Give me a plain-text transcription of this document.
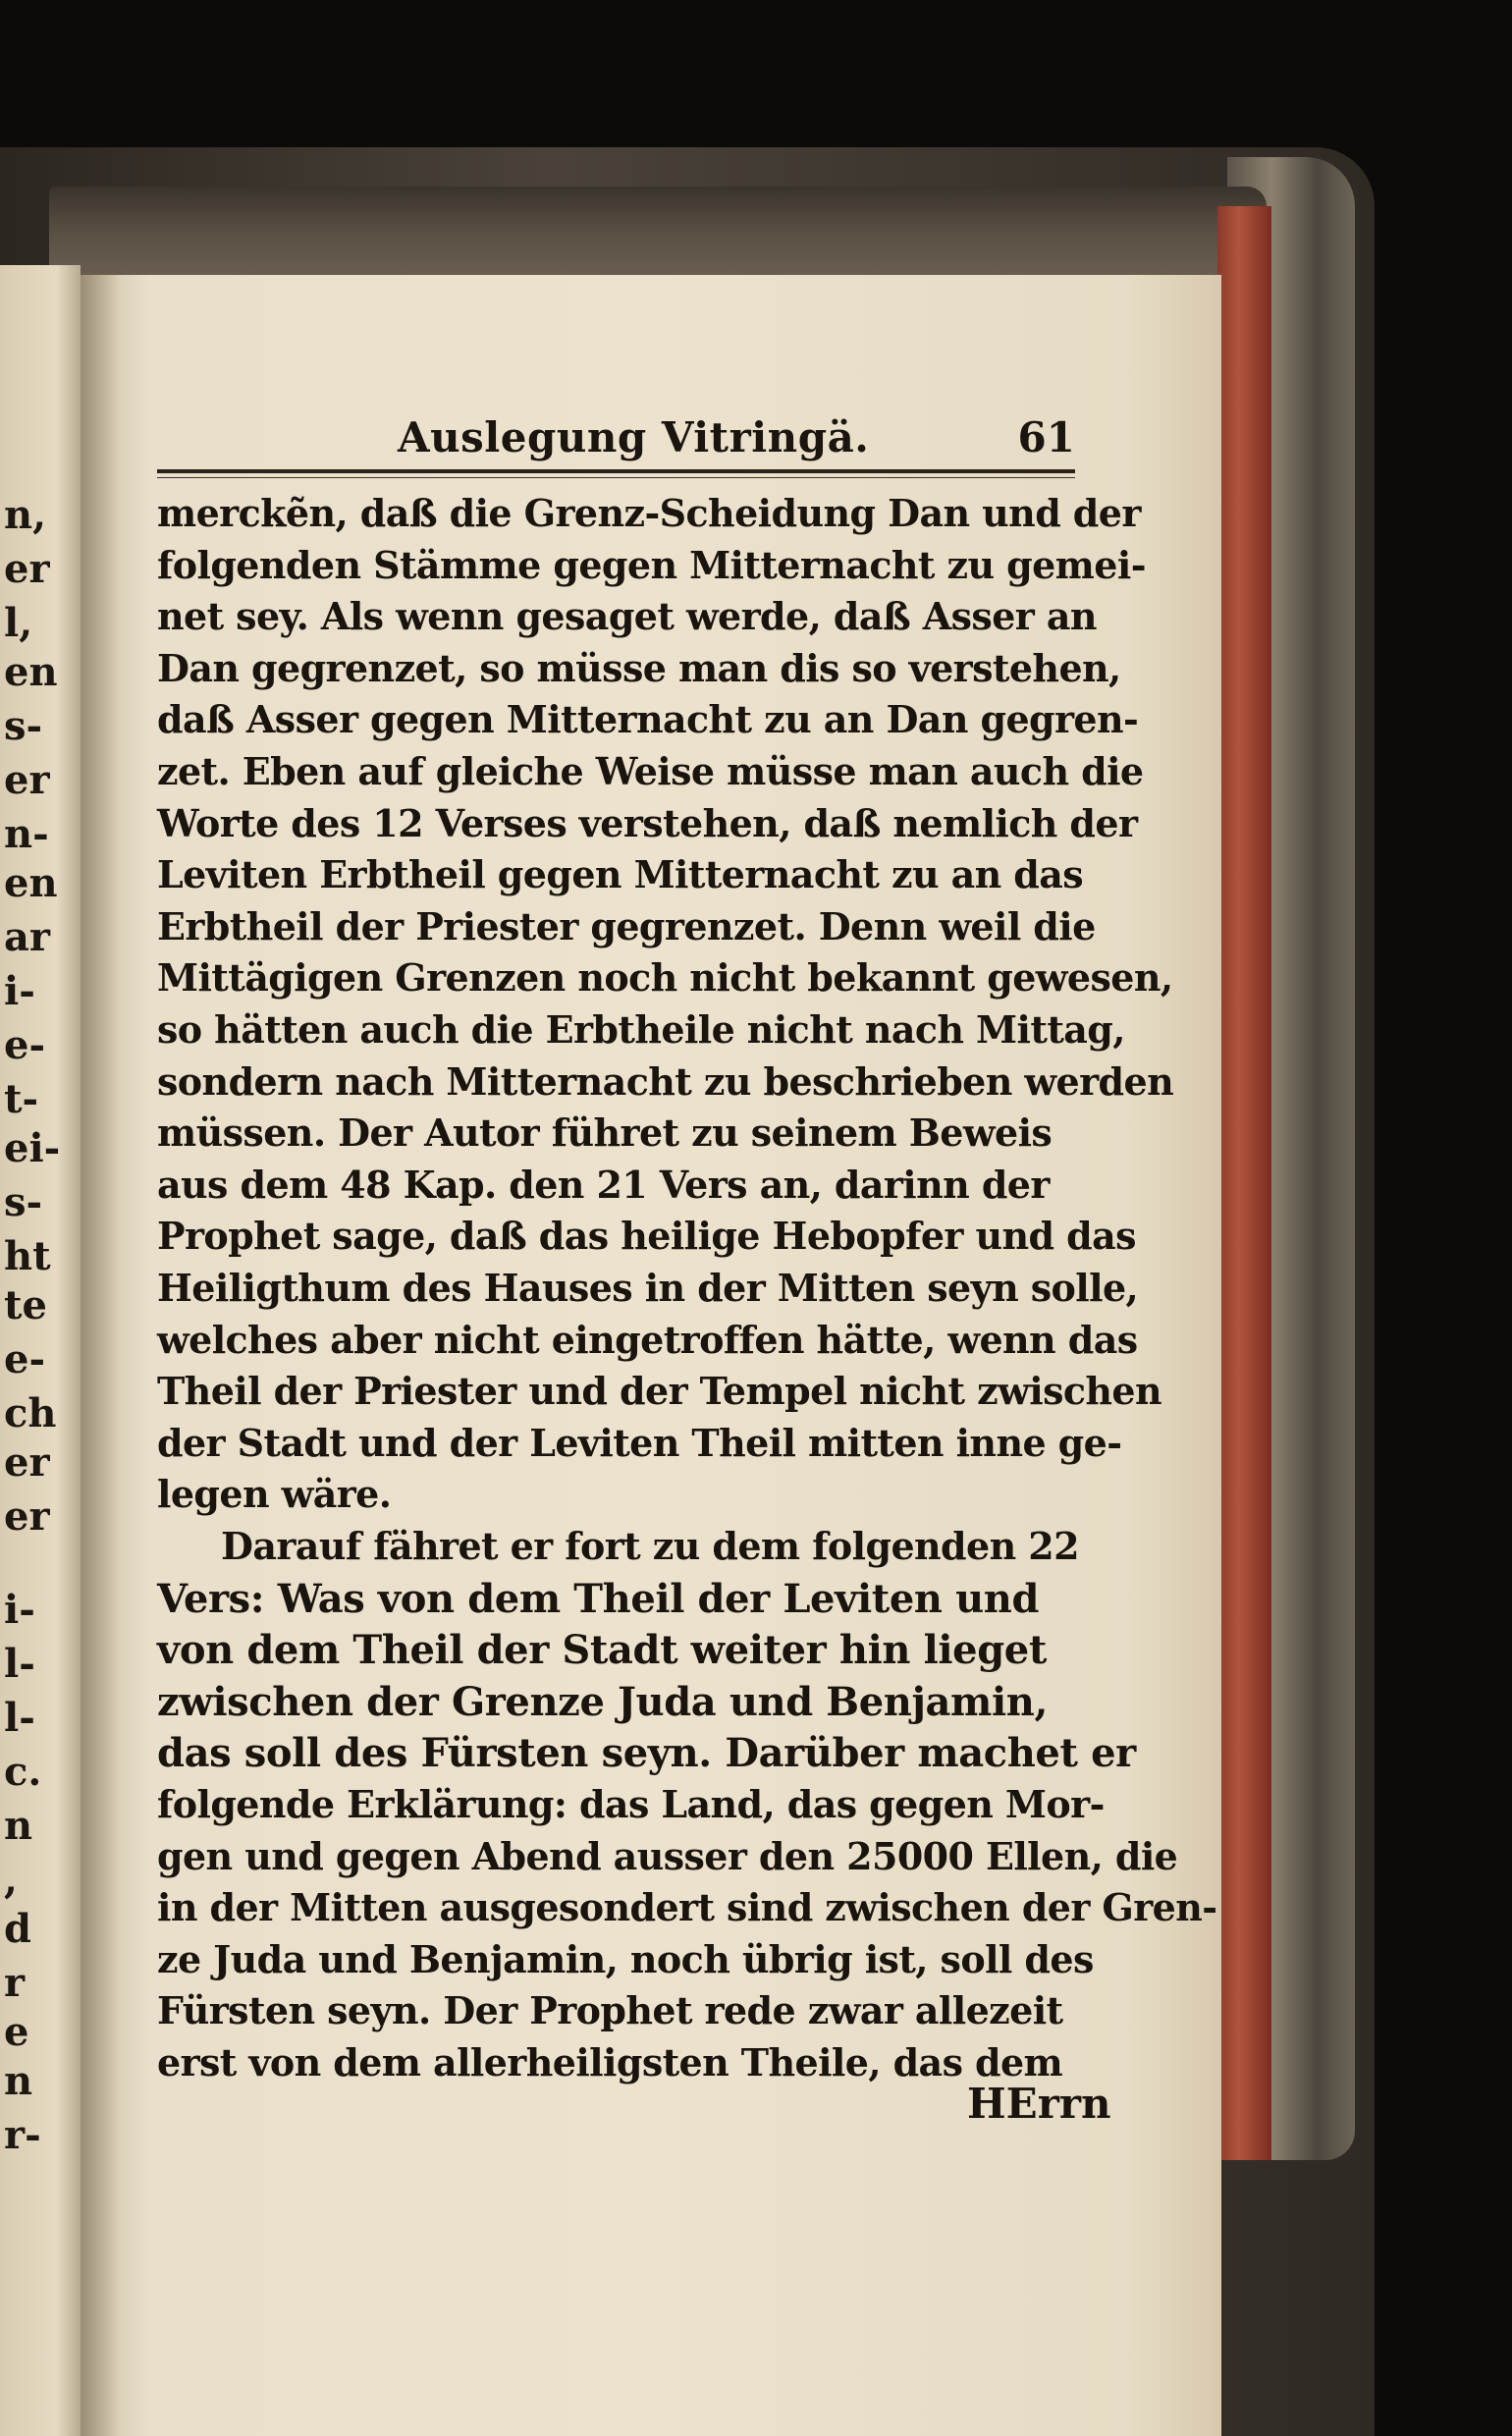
n,
er
l,
en
s-
er
n-
en
ar
i-
e-
t-
ei-
s-
ht
te
e-
ch
er
er
i-
l-
l-
c.
n
,
d
r
e
n
r-
Auslegung Vitringä.	61
merckẽn, daß die Grenz-Scheidung Dan und der
folgenden Stämme gegen Mitternacht zu gemei-
net sey. Als wenn gesaget werde, daß Asser an
Dan gegrenzet, so müsse man dis so verstehen,
daß Asser gegen Mitternacht zu an Dan gegren-
zet. Eben auf gleiche Weise müsse man auch die
Worte des 12 Verses verstehen, daß nemlich der
Leviten Erbtheil gegen Mitternacht zu an das
Erbtheil der Priester gegrenzet. Denn weil die
Mittägigen Grenzen noch nicht bekannt gewesen,
so hätten auch die Erbtheile nicht nach Mittag,
sondern nach Mitternacht zu beschrieben werden
müssen. Der Autor führet zu seinem Beweis
aus dem 48 Kap. den 21 Vers an, darinn der
Prophet sage, daß das heilige Hebopfer und das
Heiligthum des Hauses in der Mitten seyn solle,
welches aber nicht eingetroffen hätte, wenn das
Theil der Priester und der Tempel nicht zwischen
der Stadt und der Leviten Theil mitten inne ge-
legen wäre.
Darauf fähret er fort zu dem folgenden 22
Vers: Was von dem Theil der Leviten und
von dem Theil der Stadt weiter hin lieget
zwischen der Grenze Juda und Benjamin,
das soll des Fürsten seyn. Darüber machet er
folgende Erklärung: das Land, das gegen Mor-
gen und gegen Abend ausser den 25000 Ellen, die
in der Mitten ausgesondert sind zwischen der Gren-
ze Juda und Benjamin, noch übrig ist, soll des
Fürsten seyn. Der Prophet rede zwar allezeit
erst von dem allerheiligsten Theile, das dem
HErrn
